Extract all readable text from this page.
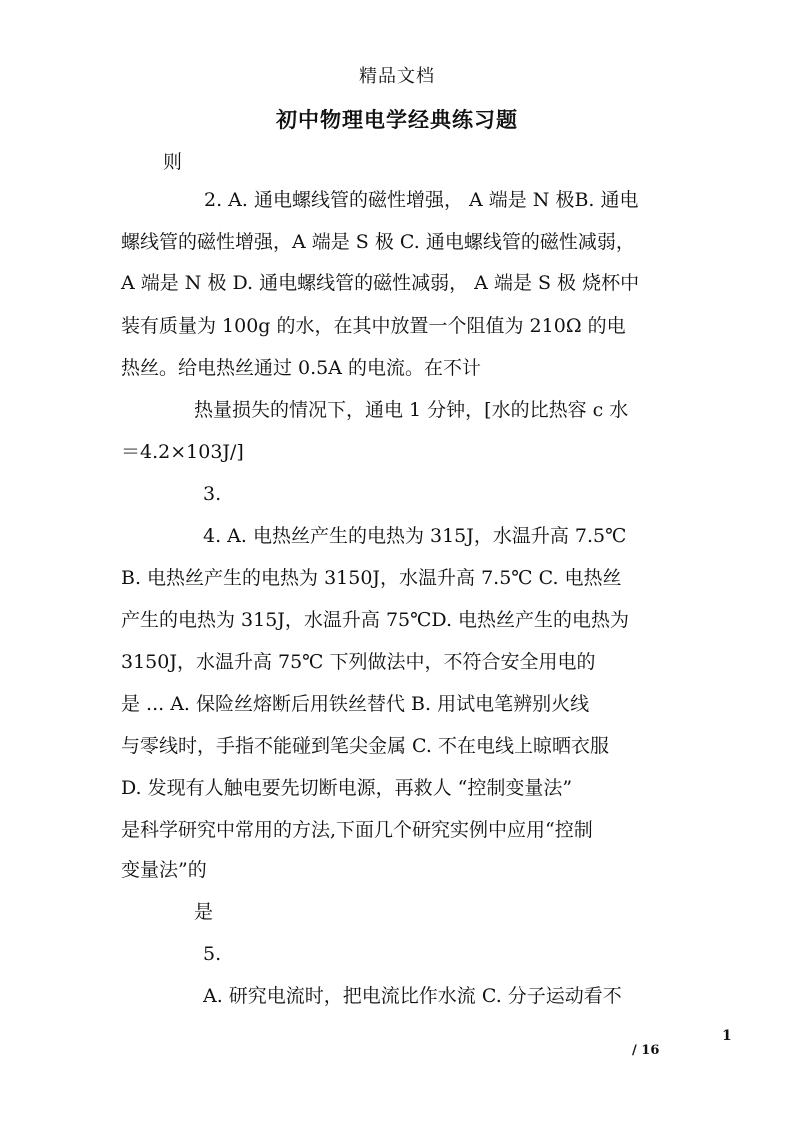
精品文档
初中物理电学经典练习题
则
2. A. 通电螺线管的磁性增强， A 端是 N 极B. 通电
螺线管的磁性增强，A 端是 S 极 C. 通电螺线管的磁性减弱，
A 端是 N 极 D. 通电螺线管的磁性减弱， A 端是 S 极 烧杯中
装有质量为 100g 的水，在其中放置一个阻值为 210Ω 的电
热丝。给电热丝通过 0.5A 的电流。在不计
热量损失的情况下，通电 1 分钟，[水的比热容 c 水
＝4.2×103J/]
3.
4. A. 电热丝产生的电热为 315J，水温升高 7.5℃
B. 电热丝产生的电热为 3150J，水温升高 7.5℃ C. 电热丝
产生的电热为 315J，水温升高 75℃D. 电热丝产生的电热为
3150J，水温升高 75℃ 下列做法中，不符合安全用电的
是 ... A. 保险丝熔断后用铁丝替代 B. 用试电笔辨别火线
与零线时，手指不能碰到笔尖金属 C. 不在电线上晾晒衣服
D. 发现有人触电要先切断电源，再救人 “控制变量法”
是科学研究中常用的方法,下面几个研究实例中应用“控制
变量法”的
是
5.
A. 研究电流时，把电流比作水流 C. 分子运动看不
1
/ 16
